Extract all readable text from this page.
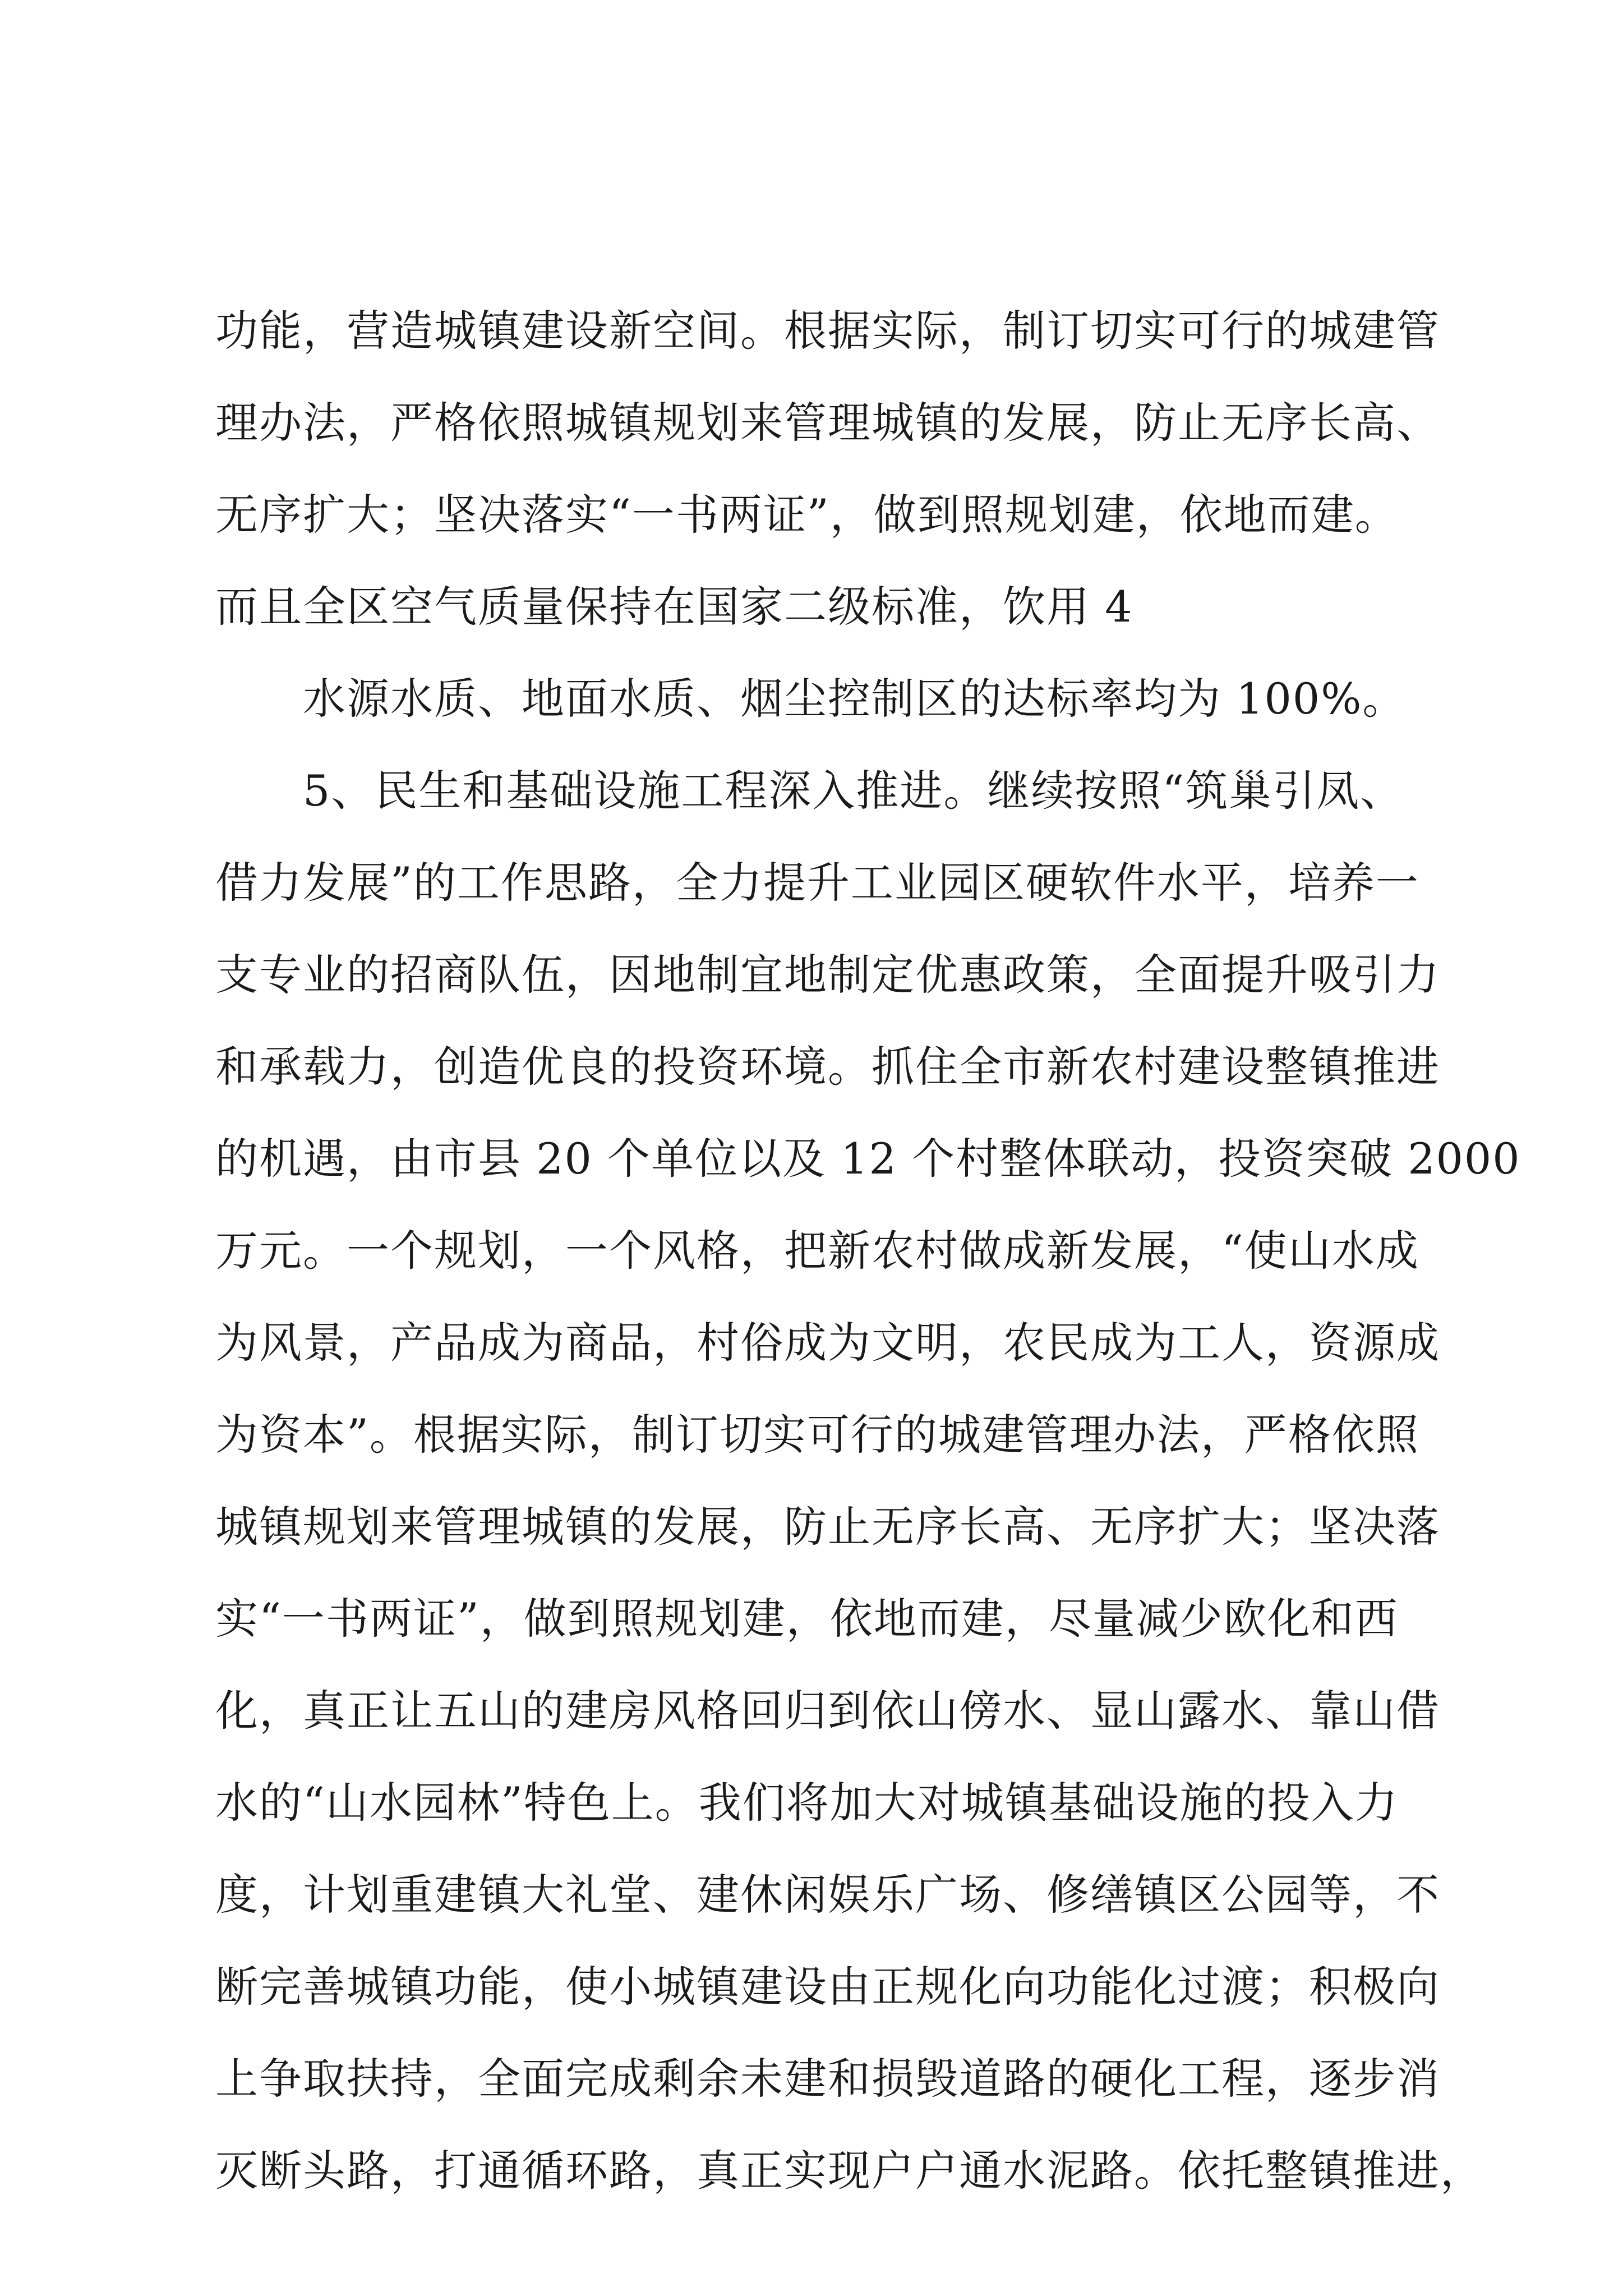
功能，营造城镇建设新空间。根据实际，制订切实可行的城建管
理办法，严格依照城镇规划来管理城镇的发展，防止无序长高、
无序扩大；坚决落实“一书两证”，做到照规划建，依地而建。
而且全区空气质量保持在国家二级标准，饮用 4
水源水质、地面水质、烟尘控制区的达标率均为 100%。
5、民生和基础设施工程深入推进。继续按照“筑巢引凤、
借力发展”的工作思路，全力提升工业园区硬软件水平，培养一
支专业的招商队伍，因地制宜地制定优惠政策，全面提升吸引力
和承载力，创造优良的投资环境。抓住全市新农村建设整镇推进
的机遇，由市县 20 个单位以及 12 个村整体联动，投资突破 2000
万元。一个规划，一个风格，把新农村做成新发展，“使山水成
为风景，产品成为商品，村俗成为文明，农民成为工人，资源成
为资本”。根据实际，制订切实可行的城建管理办法，严格依照
城镇规划来管理城镇的发展，防止无序长高、无序扩大；坚决落
实“一书两证”，做到照规划建，依地而建，尽量减少欧化和西
化，真正让五山的建房风格回归到依山傍水、显山露水、靠山借
水的“山水园林”特色上。我们将加大对城镇基础设施的投入力
度，计划重建镇大礼堂、建休闲娱乐广场、修缮镇区公园等，不
断完善城镇功能，使小城镇建设由正规化向功能化过渡；积极向
上争取扶持，全面完成剩余未建和损毁道路的硬化工程，逐步消
灭断头路，打通循环路，真正实现户户通水泥路。依托整镇推进，
